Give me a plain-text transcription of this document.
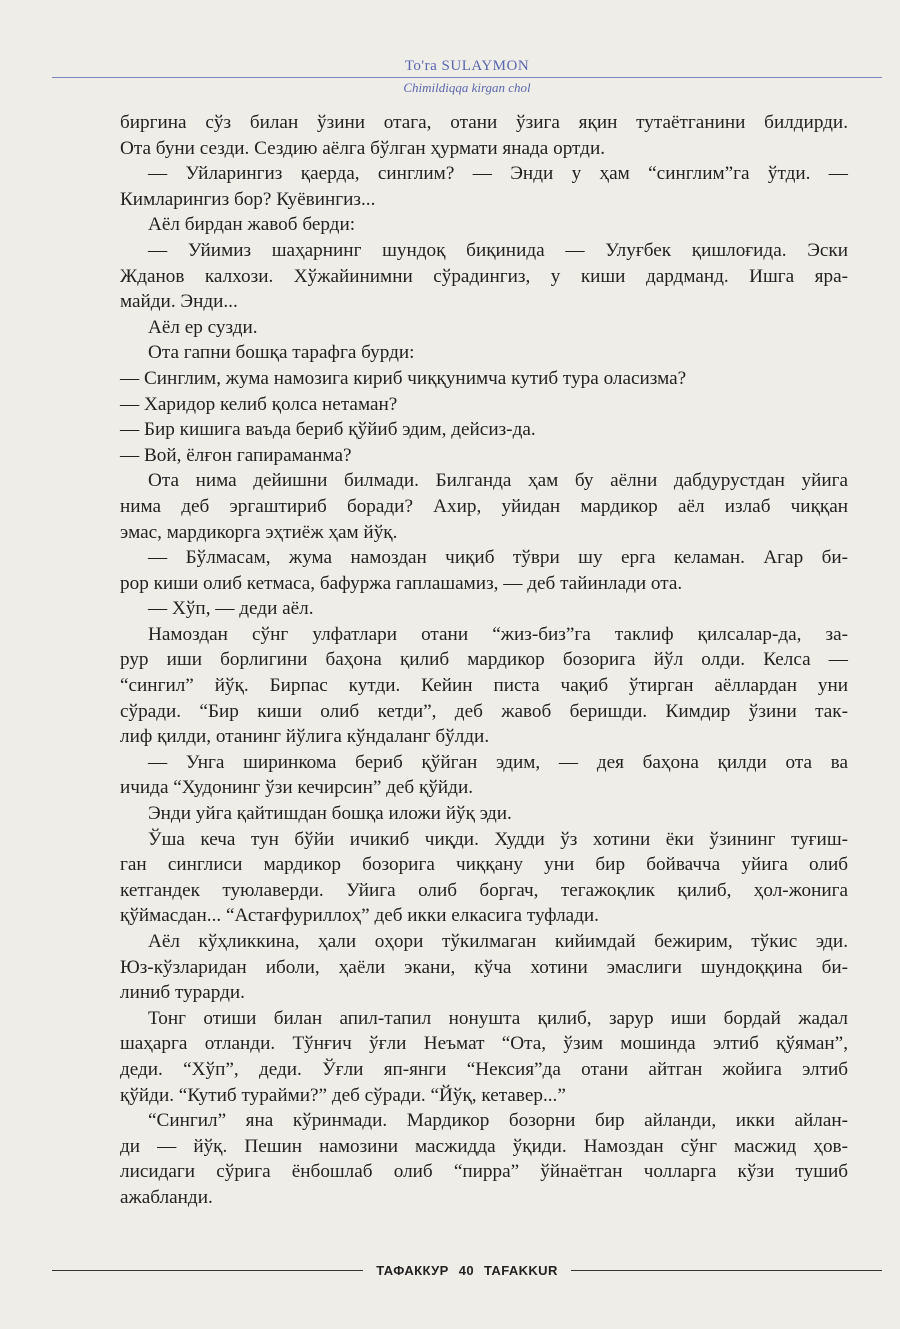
To'ra SULAYMON
Chimildiqqa kirgan chol

биргина сўз билан ўзини отага, отани ўзига яқин тутаётганини билдирди.

Ота буни сезди. Сездию аёлга бўлган ҳурмати янада ортди.

— Уйларингиз қаерда, синглим? — Энди у ҳам “синглим”га ўтди. —

Кимларингиз бор? Куёвингиз...

Аёл бирдан жавоб берди:

— Уйимиз шаҳарнинг шундоқ биқинида — Улуғбек қишлоғида. Эски

Жданов калхози. Хўжайинимни сўрадингиз, у киши дардманд. Ишга яра-

майди. Энди...

Аёл ер сузди.

Ота гапни бошқа тарафга бурди:

— Синглим, жума намозига кириб чиққунимча кутиб тура оласизма?

— Харидор келиб қолса нетаман?

— Бир кишига ваъда бериб қўйиб эдим, дейсиз-да.

— Вой, ёлғон гапираманма?

Ота нима дейишни билмади. Билганда ҳам бу аёлни дабдурустдан уйига

нима деб эргаштириб боради? Ахир, уйидан мардикор аёл излаб чиққан

эмас, мардикорга эҳтиёж ҳам йўқ.

— Бўлмасам, жума намоздан чиқиб тўври шу ерга келаман. Агар би-

рор киши олиб кетмаса, бафуржа гаплашамиз, — деб тайинлади ота.

— Хўп, — деди аёл.

Намоздан сўнг улфатлари отани “жиз-биз”га таклиф қилсалар-да, за-

рур иши борлигини баҳона қилиб мардикор бозорига йўл олди. Келса —

“сингил” йўқ. Бирпас кутди. Кейин писта чақиб ўтирган аёллардан уни

сўради. “Бир киши олиб кетди”, деб жавоб беришди. Кимдир ўзини так-

лиф қилди, отанинг йўлига кўндаланг бўлди.

— Унга ширинкома бериб қўйган эдим, — дея баҳона қилди ота ва

ичида “Худонинг ўзи кечирсин” деб қўйди.

Энди уйга қайтишдан бошқа иложи йўқ эди.

Ўша кеча тун бўйи ичикиб чиқди. Худди ўз хотини ёки ўзининг туғиш-

ган синглиси мардикор бозорига чиққану уни бир бойвачча уйига олиб

кетгандек туюлаверди. Уйига олиб боргач, тегажоқлик қилиб, ҳол-жонига

қўймасдан... “Астағфуриллоҳ” деб икки елкасига туфлади.

Аёл кўҳликкина, ҳали оҳори тўкилмаган кийимдай бежирим, тўкис эди.

Юз-кўзларидан иболи, ҳаёли экани, кўча хотини эмаслиги шундоққина би-

линиб турарди.

Тонг отиши билан апил-тапил нонушта қилиб, зарур иши бордай жадал

шаҳарга отланди. Тўнғич ўғли Неъмат “Ота, ўзим мошинда элтиб қўяман”,

деди. “Хўп”, деди. Ўғли яп-янги “Нексия”да отани айтган жойига элтиб

қўйди. “Кутиб турайми?” деб сўради. “Йўқ, кетавер...”

“Сингил” яна кўринмади. Мардикор бозорни бир айланди, икки айлан-

ди — йўқ. Пешин намозини масжидда ўқиди. Намоздан сўнг масжид ҳов-

лисидаги сўрига ёнбошлаб олиб “пирра” ўйнаётган чолларга кўзи тушиб

ажабланди.

ТАФАККУР 40 TAFAKKUR
